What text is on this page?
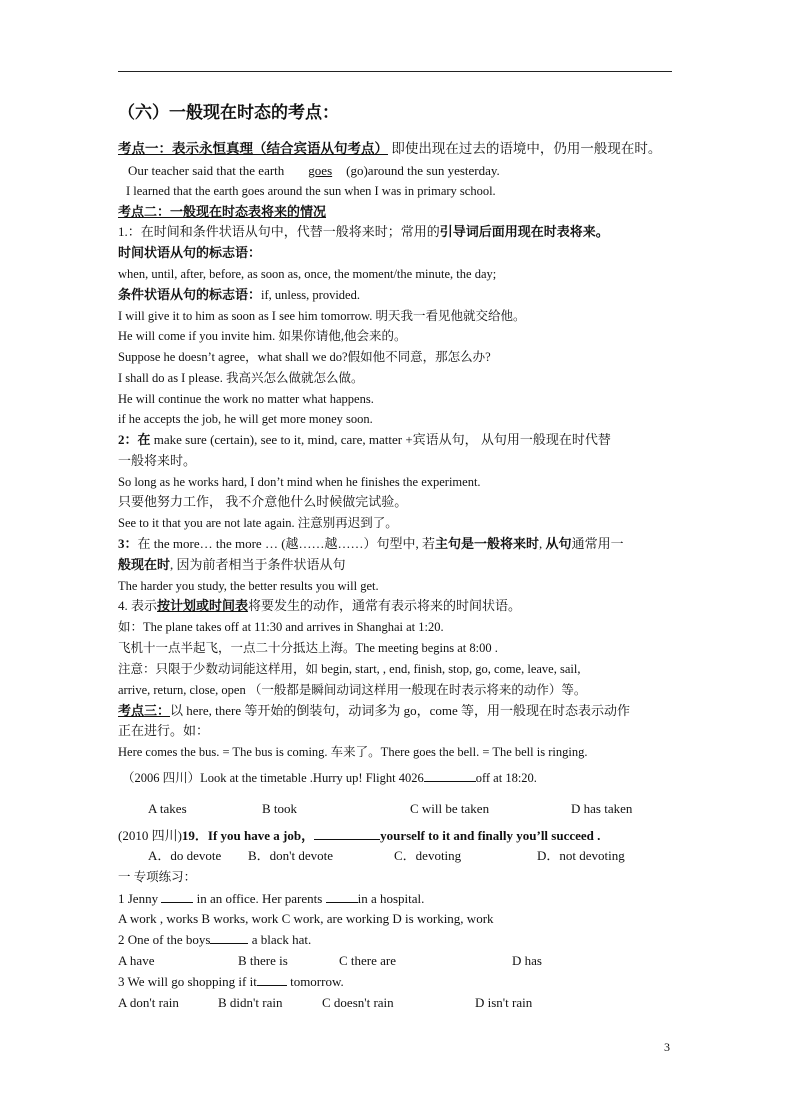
（六）一般现在时态的考点：
考点一：表示永恒真理（结合宾语从句考点） 即使出现在过去的语境中，仍用一般现在时。
Our teacher said that the earth goes (go)around the sun yesterday.
I learned that the earth goes around the sun when I was in primary school.
考点二：一般现在时态表将来的情况
1.：在时间和条件状语从句中，代替一般将来时；常用的引导词后面用现在时表将来。
时间状语从句的标志语：
when, until, after, before, as soon as, once, the moment/the minute, the day;
条件状语从句的标志语：if, unless, provided.
I will give it to him as soon as I see him tomorrow. 明天我一看见他就交给他。
He will come if you invite him. 如果你请他,他会来的。
Suppose he doesn’t agree，what shall we do?假如他不同意，那怎么办?
I shall do as I please. 我高兴怎么做就怎么做。
He will continue the work no matter what happens.
if he accepts the job, he will get more money soon.
2：在 make sure (certain), see to it, mind, care, matter +宾语从句， 从句用一般现在时代替
一般将来时。
So long as he works hard, I don’t mind when he finishes the experiment.
只要他努力工作， 我不介意他什么时候做完试验。
See to it that you are not late again. 注意别再迟到了。
3：在 the more… the more … (越……越……）句型中, 若主句是一般将来时, 从句通常用一
般现在时, 因为前者相当于条件状语从句
The harder you study, the better results you will get.
4. 表示按计划或时间表将要发生的动作，通常有表示将来的时间状语。
如：The plane takes off at 11:30 and arrives in Shanghai at 1:20.
飞机十一点半起飞，一点二十分抵达上海。The meeting begins at 8:00 .
注意：只限于少数动词能这样用，如 begin, start, , end, finish, stop, go, come, leave, sail,
arrive, return, close, open （一般都是瞬间动词这样用一般现在时表示将来的动作）等。
考点三：以 here, there 等开始的倒装句，动词多为 go，come 等，用一般现在时态表示动作
正在进行。如：
Here comes the bus. = The bus is coming. 车来了。There goes the bell. = The bell is ringing.
（2006 四川）Look at the timetable .Hurry up! Flight 4026	off at 18:20.
A takes	B took	C will be taken	D has taken
(2010 四川)19．If you have a job，	yourself to it and finally you’ll succeed .
A．do devote B．don't devote	C．devoting	D．not devoting
一 专项练习：
1 Jenny  in an office. Her parents in a hospital.
A work , works B works, work C work, are working D is working, work
2 One of the boys	a black hat.
A have	B there is	C there are	D has
3 We will go shopping if it tomorrow.
A don't rain	B didn't rain	C doesn't rain	D isn't rain
3
